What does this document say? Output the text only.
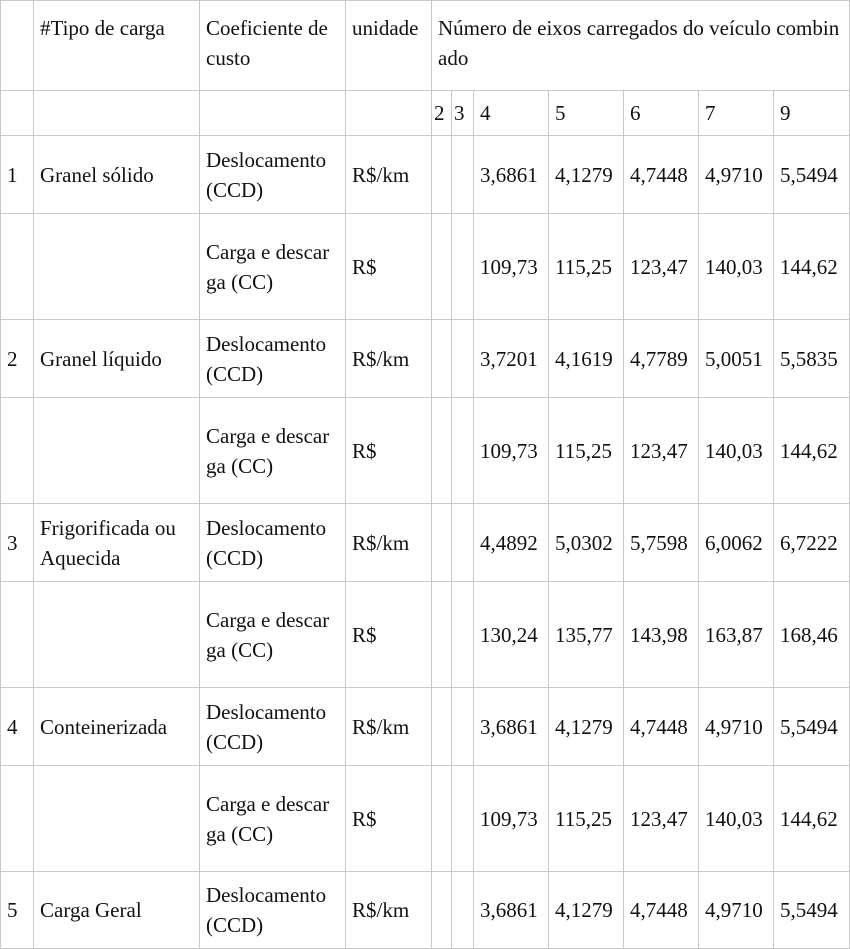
	#Tipo de carga	Coeficiente de custo	unidade	Número de eixos carregados do veículo combinado						
				2	3	4	5	6	7	9
1	Granel sólido	Deslocamento (CCD)	R$/km			3,6861	4,1279	4,7448	4,9710	5,5494
		Carga e descarga (CC)	R$			109,73	115,25	123,47	140,03	144,62
2	Granel líquido	Deslocamento (CCD)	R$/km			3,7201	4,1619	4,7789	5,0051	5,5835
		Carga e descarga (CC)	R$			109,73	115,25	123,47	140,03	144,62
3	Frigorificada ou Aquecida	Deslocamento (CCD)	R$/km			4,4892	5,0302	5,7598	6,0062	6,7222
		Carga e descarga (CC)	R$			130,24	135,77	143,98	163,87	168,46
4	Conteinerizada	Deslocamento (CCD)	R$/km			3,6861	4,1279	4,7448	4,9710	5,5494
		Carga e descarga (CC)	R$			109,73	115,25	123,47	140,03	144,62
5	Carga Geral	Deslocamento (CCD)	R$/km			3,6861	4,1279	4,7448	4,9710	5,5494
